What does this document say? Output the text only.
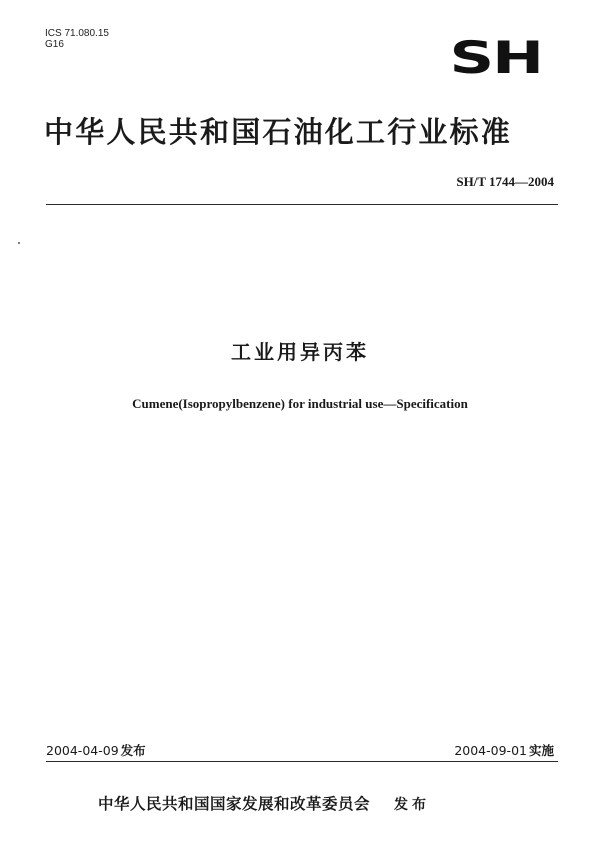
ICS 71.080.15
G16	SH
中华人民共和国石油化工行业标准
SH/T 1744—2004
工业用异丙苯
Cumene(Isopropylbenzene) for industrial use—Specification
2004-04-09 发布	2004-09-01 实施
中华人民共和国国家发展和改革委员会 发布
